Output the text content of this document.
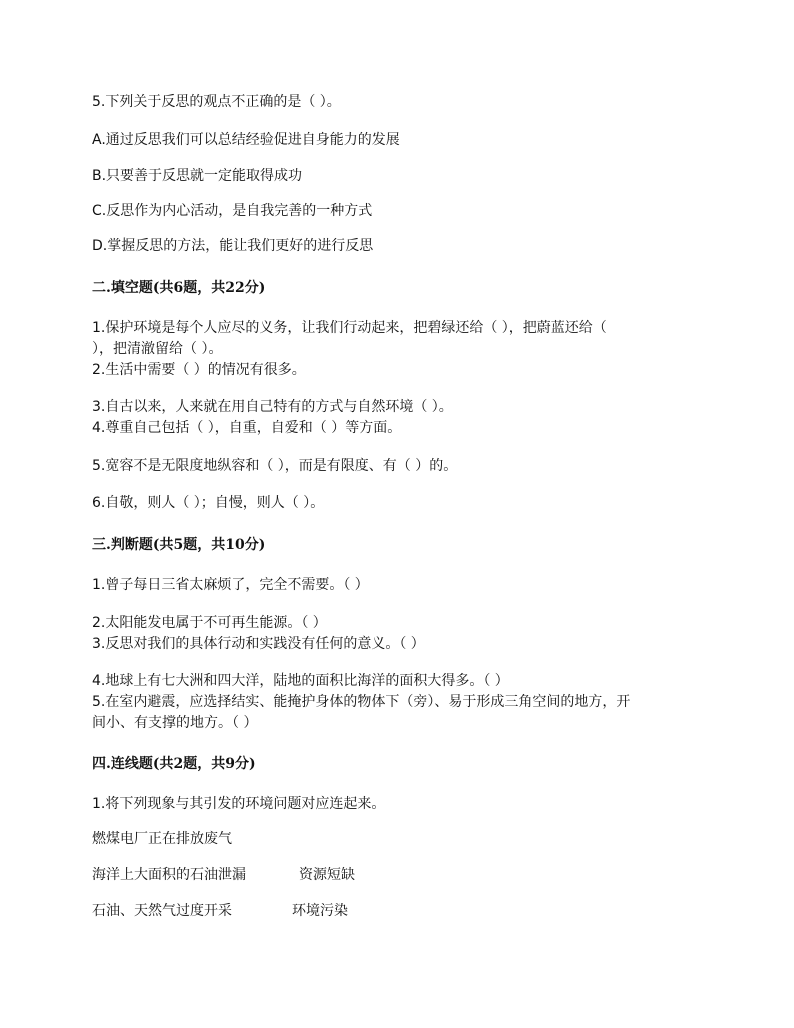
5.下列关于反思的观点不正确的是（ ）。
A.通过反思我们可以总结经验促进自身能力的发展
B.只要善于反思就一定能取得成功
C.反思作为内心活动，是自我完善的一种方式
D.掌握反思的方法，能让我们更好的进行反思
二.填空题(共6题，共22分)
1.保护环境是每个人应尽的义务，让我们行动起来，把碧绿还给（ ），把蔚蓝还给（
），把清澈留给（ ）。
2.生活中需要（ ）的情况有很多。
3.自古以来，人来就在用自己特有的方式与自然环境（ ）。
4.尊重自己包括（ ），自重，自爱和（ ）等方面。
5.宽容不是无限度地纵容和（ ），而是有限度、有（ ）的。
6.自敬，则人（ ）；自慢，则人（ ）。
三.判断题(共5题，共10分)
1.曾子每日三省太麻烦了，完全不需要。（ ）
2.太阳能发电属于不可再生能源。（ ）
3.反思对我们的具体行动和实践没有任何的意义。（ ）
4.地球上有七大洲和四大洋，陆地的面积比海洋的面积大得多。（ ）
5.在室内避震，应选择结实、能掩护身体的物体下（旁）、易于形成三角空间的地方，开
间小、有支撑的地方。（ ）
四.连线题(共2题，共9分)
1.将下列现象与其引发的环境问题对应连起来。
燃煤电厂正在排放废气
海洋上大面积的石油泄漏	资源短缺
石油、天然气过度开采	环境污染
